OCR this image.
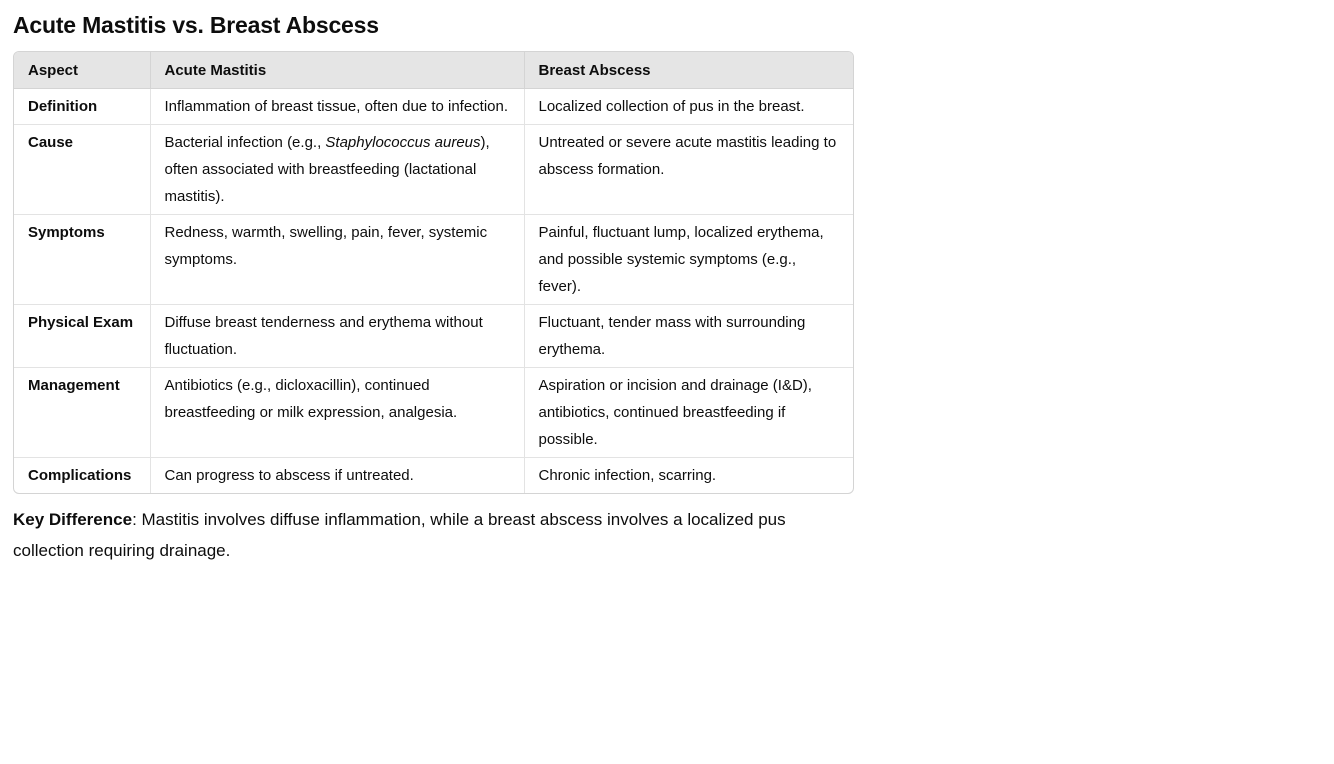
Acute Mastitis vs. Breast Abscess
Aspect	Acute Mastitis	Breast Abscess

Definition	Inflammation of breast tissue, often due to infection.	Localized collection of pus in the breast.

Cause	Bacterial infection (e.g., Staphylococcus aureus), often associated with breastfeeding (lactational mastitis).	Untreated or severe acute mastitis leading to abscess formation.

Symptoms	Redness, warmth, swelling, pain, fever, systemic symptoms.	Painful, fluctuant lump, localized erythema, and possible systemic symptoms (e.g., fever).

Physical Exam	Diffuse breast tenderness and erythema without fluctuation.	Fluctuant, tender mass with surrounding erythema.

Management	Antibiotics (e.g., dicloxacillin), continued breastfeeding or milk expression, analgesia.	Aspiration or incision and drainage (I&D), antibiotics, continued breastfeeding if possible.

Complications	Can progress to abscess if untreated.	Chronic infection, scarring.

Key Difference: Mastitis involves diffuse inflammation, while a breast abscess involves a localized pus collection requiring drainage.
